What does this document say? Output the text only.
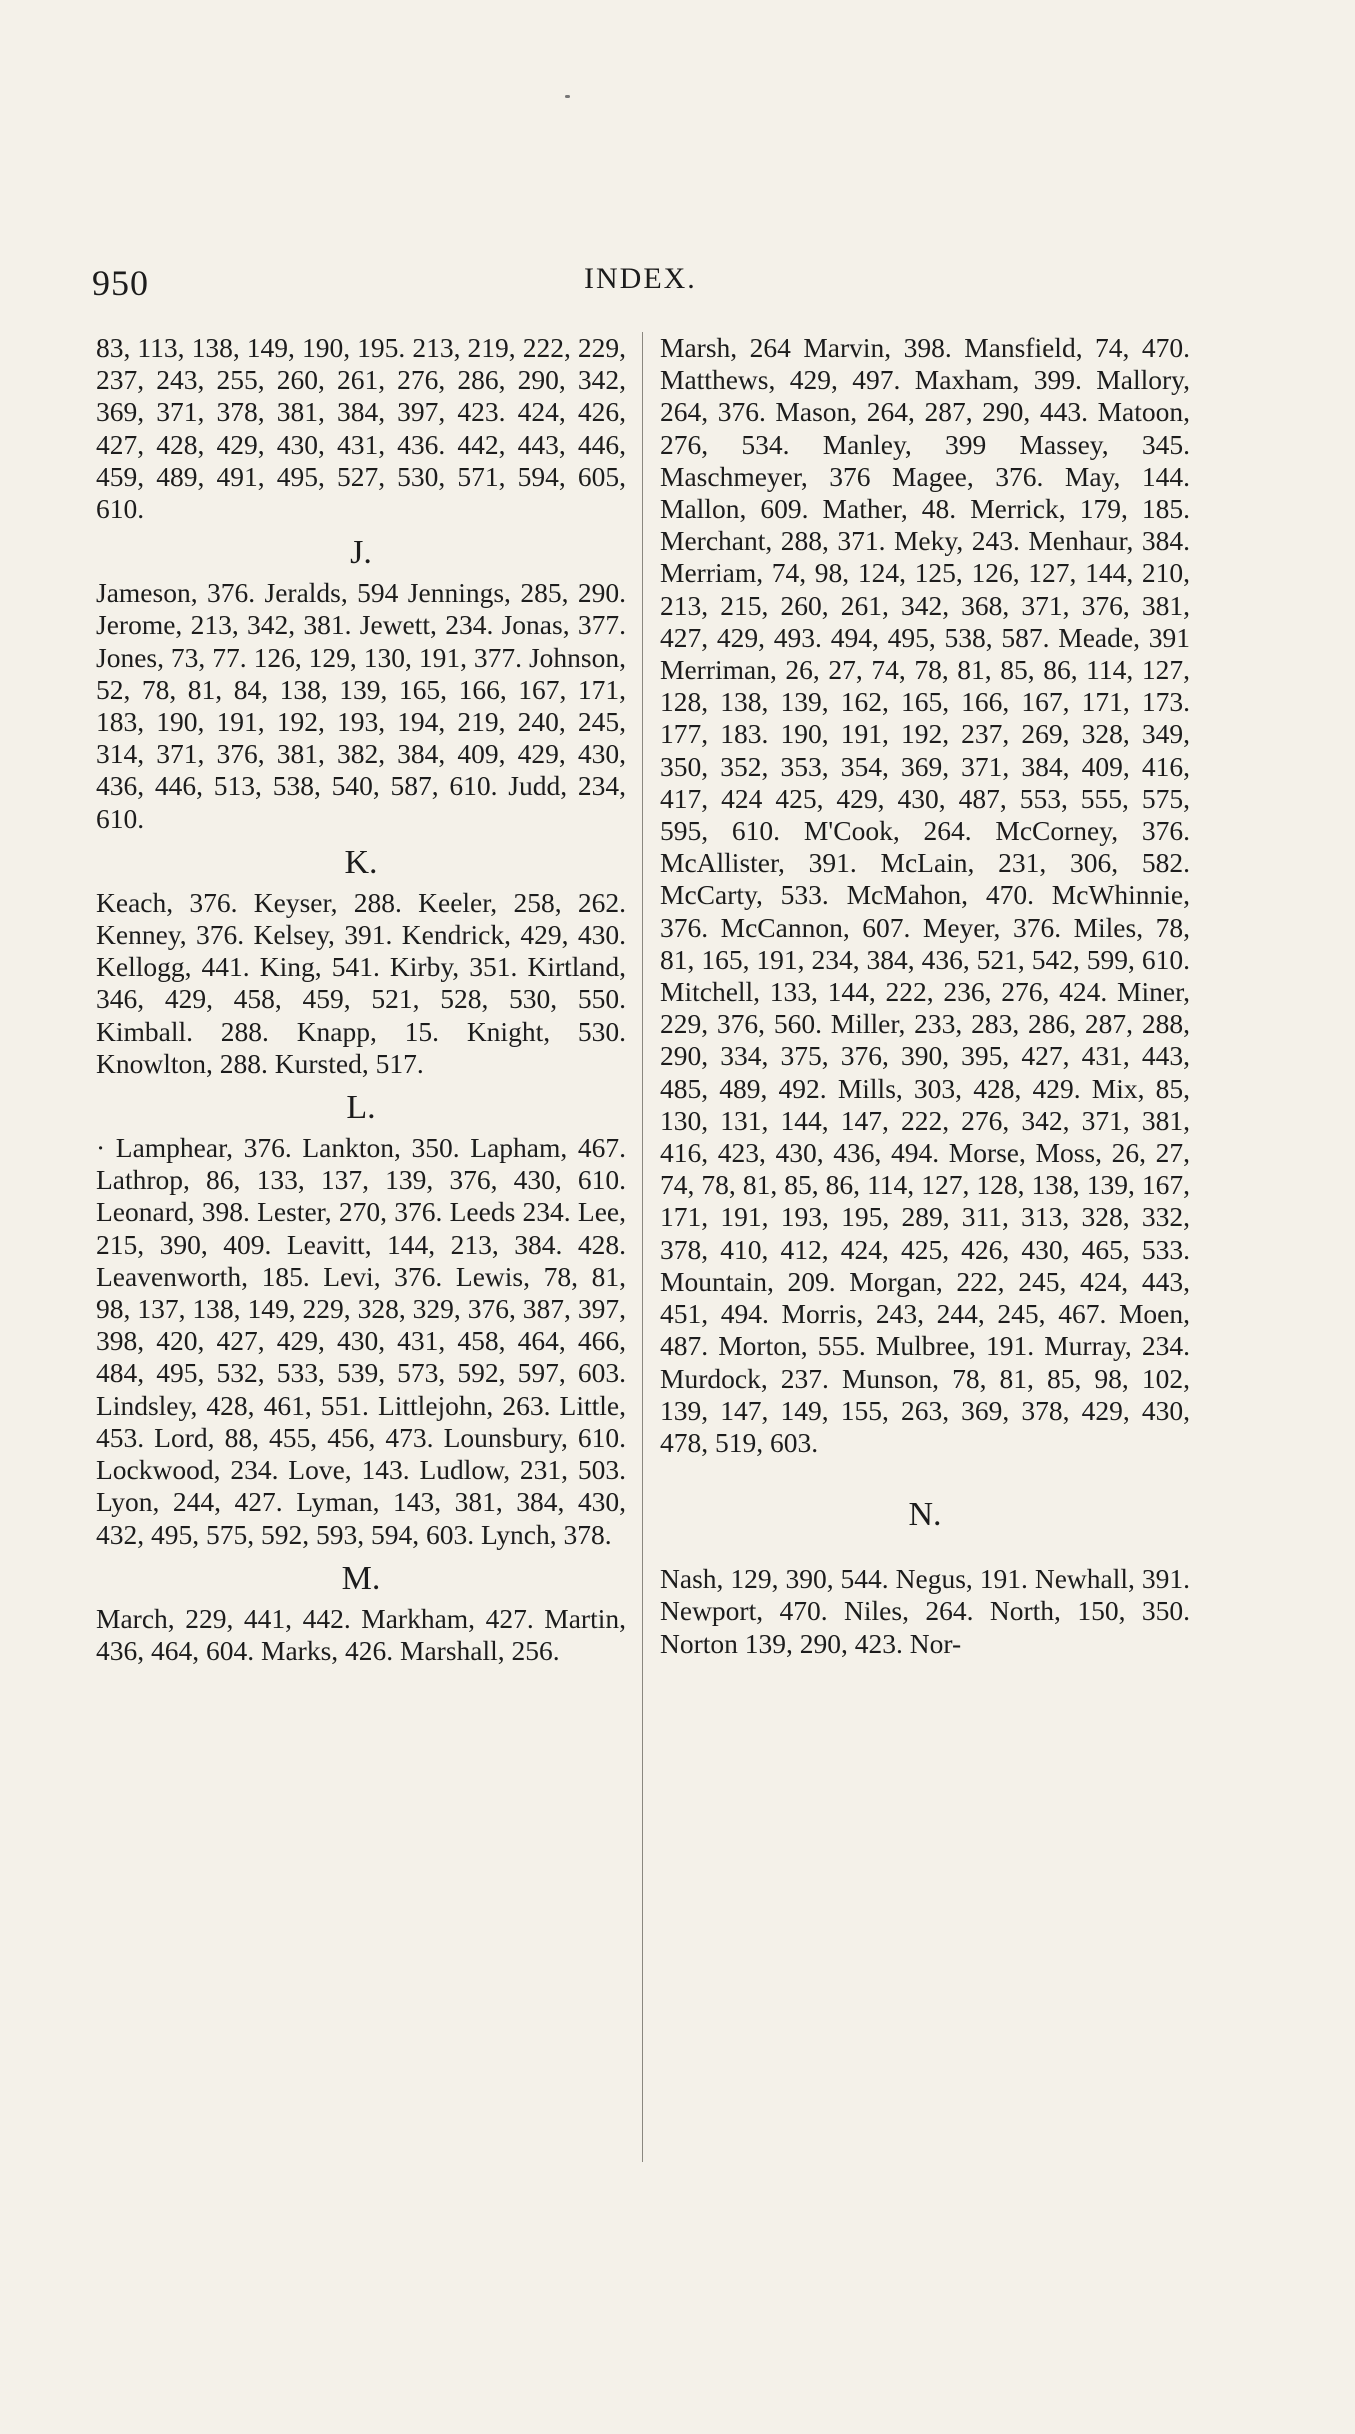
950	INDEX.

83, 113, 138, 149, 190, 195. 213, 219, 222, 229, 237, 243, 255, 260, 261, 276, 286, 290, 342, 369, 371, 378, 381, 384, 397, 423. 424, 426, 427, 428, 429, 430, 431, 436. 442, 443, 446, 459, 489, 491, 495, 527, 530, 571, 594, 605, 610.

J.

Jameson, 376. Jeralds, 594 Jennings, 285, 290. Jerome, 213, 342, 381. Jewett, 234. Jonas, 377. Jones, 73, 77. 126, 129, 130, 191, 377. Johnson, 52, 78, 81, 84, 138, 139, 165, 166, 167, 171, 183, 190, 191, 192, 193, 194, 219, 240, 245, 314, 371, 376, 381, 382, 384, 409, 429, 430, 436, 446, 513, 538, 540, 587, 610. Judd, 234, 610.

K.

Keach, 376. Keyser, 288. Keeler, 258, 262. Kenney, 376. Kelsey, 391. Kendrick, 429, 430. Kellogg, 441. King, 541. Kirby, 351. Kirtland, 346, 429, 458, 459, 521, 528, 530, 550. Kimball. 288. Knapp, 15. Knight, 530. Knowlton, 288. Kursted, 517.

L.

· Lamphear, 376. Lankton, 350. Lapham, 467. Lathrop, 86, 133, 137, 139, 376, 430, 610. Leonard, 398. Lester, 270, 376. Leeds 234. Lee, 215, 390, 409. Leavitt, 144, 213, 384. 428. Leavenworth, 185. Levi, 376. Lewis, 78, 81, 98, 137, 138, 149, 229, 328, 329, 376, 387, 397, 398, 420, 427, 429, 430, 431, 458, 464, 466, 484, 495, 532, 533, 539, 573, 592, 597, 603. Lindsley, 428, 461, 551. Littlejohn, 263. Little, 453. Lord, 88, 455, 456, 473. Lounsbury, 610. Lockwood, 234. Love, 143. Ludlow, 231, 503. Lyon, 244, 427. Lyman, 143, 381, 384, 430, 432, 495, 575, 592, 593, 594, 603. Lynch, 378.

M.

March, 229, 441, 442. Markham, 427. Martin, 436, 464, 604. Marks, 426. Marshall, 256.

Marsh, 264 Marvin, 398. Mansfield, 74, 470. Matthews, 429, 497. Maxham, 399. Mallory, 264, 376. Mason, 264, 287, 290, 443. Matoon, 276, 534. Manley, 399 Massey, 345. Maschmeyer, 376 Magee, 376. May, 144. Mallon, 609. Mather, 48. Merrick, 179, 185. Merchant, 288, 371. Meky, 243. Menhaur, 384. Merriam, 74, 98, 124, 125, 126, 127, 144, 210, 213, 215, 260, 261, 342, 368, 371, 376, 381, 427, 429, 493. 494, 495, 538, 587. Meade, 391 Merriman, 26, 27, 74, 78, 81, 85, 86, 114, 127, 128, 138, 139, 162, 165, 166, 167, 171, 173. 177, 183. 190, 191, 192, 237, 269, 328, 349, 350, 352, 353, 354, 369, 371, 384, 409, 416, 417, 424 425, 429, 430, 487, 553, 555, 575, 595, 610. M'Cook, 264. McCorney, 376. McAllister, 391. McLain, 231, 306, 582. McCarty, 533. McMahon, 470. McWhinnie, 376. McCannon, 607. Meyer, 376. Miles, 78, 81, 165, 191, 234, 384, 436, 521, 542, 599, 610. Mitchell, 133, 144, 222, 236, 276, 424. Miner, 229, 376, 560. Miller, 233, 283, 286, 287, 288, 290, 334, 375, 376, 390, 395, 427, 431, 443, 485, 489, 492. Mills, 303, 428, 429. Mix, 85, 130, 131, 144, 147, 222, 276, 342, 371, 381, 416, 423, 430, 436, 494. Morse, Moss, 26, 27, 74, 78, 81, 85, 86, 114, 127, 128, 138, 139, 167, 171, 191, 193, 195, 289, 311, 313, 328, 332, 378, 410, 412, 424, 425, 426, 430, 465, 533. Mountain, 209. Morgan, 222, 245, 424, 443, 451, 494. Morris, 243, 244, 245, 467. Moen, 487. Morton, 555. Mulbree, 191. Murray, 234. Murdock, 237. Munson, 78, 81, 85, 98, 102, 139, 147, 149, 155, 263, 369, 378, 429, 430, 478, 519, 603.

N.

Nash, 129, 390, 544. Negus, 191. Newhall, 391. Newport, 470. Niles, 264. North, 150, 350. Norton 139, 290, 423. Nor-
